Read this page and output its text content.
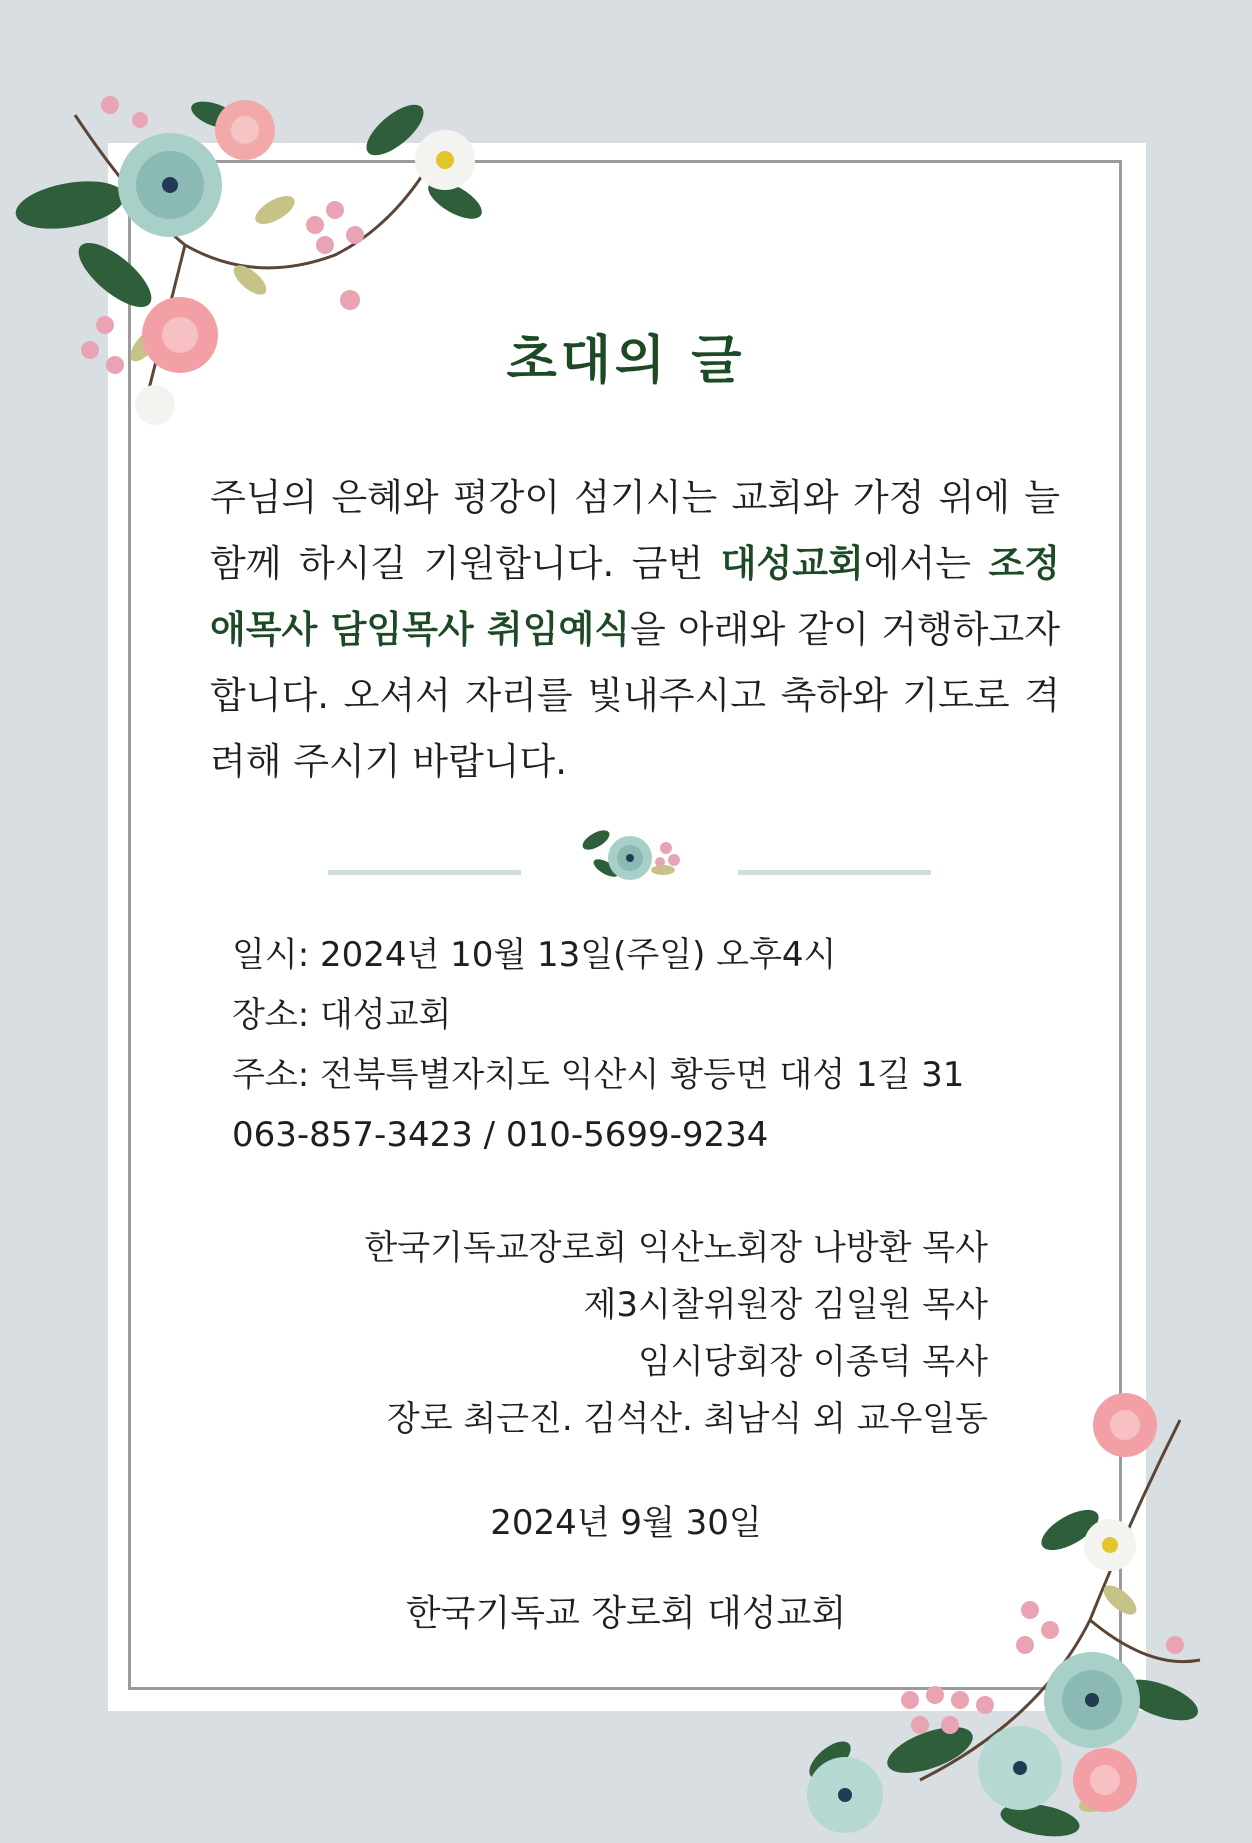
초대의 글
주님의 은혜와 평강이 섬기시는 교회와 가정 위에 늘 함께 하시길 기원합니다. 금번 대성교회에서는 조정애목사 담임목사 취임예식을 아래와 같이 거행하고자 합니다. 오셔서 자리를 빛내주시고 축하와 기도로 격려해 주시기 바랍니다.
일시: 2024년 10월 13일(주일) 오후4시
장소: 대성교회
주소: 전북특별자치도 익산시 황등면 대성 1길 31
063-857-3423 / 010-5699-9234
한국기독교장로회 익산노회장 나방환 목사
제3시찰위원장 김일원 목사
임시당회장 이종덕 목사
장로 최근진. 김석산. 최남식 외 교우일동
2024년 9월 30일
한국기독교 장로회 대성교회
